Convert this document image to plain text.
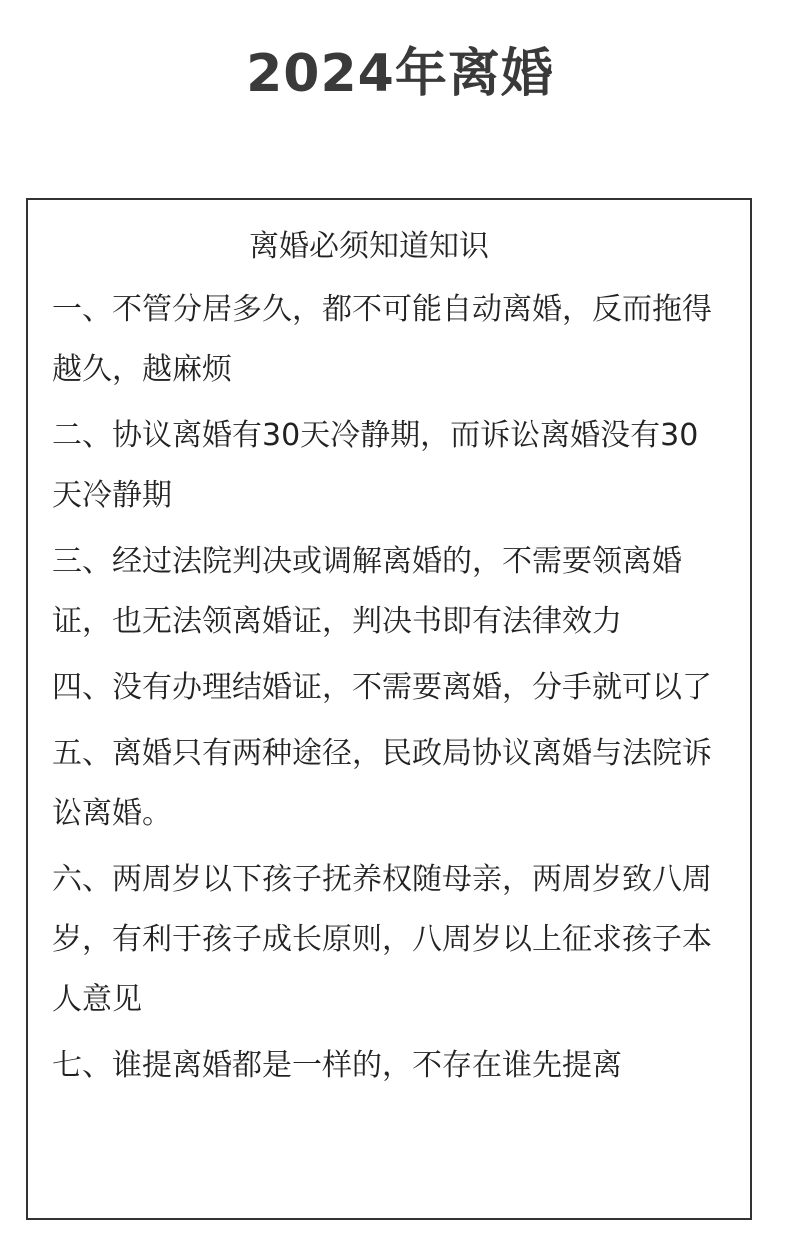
2024年离婚
离婚必须知道知识

一、不管分居多久，都不可能自动离婚，反而拖得越久，越麻烦

二、协议离婚有30天冷静期，而诉讼离婚没有30天冷静期

三、经过法院判决或调解离婚的，不需要领离婚证，也无法领离婚证，判决书即有法律效力

四、没有办理结婚证，不需要离婚，分手就可以了

五、离婚只有两种途径，民政局协议离婚与法院诉讼离婚。

六、两周岁以下孩子抚养权随母亲，两周岁致八周岁，有利于孩子成长原则，八周岁以上征求孩子本人意见

七、谁提离婚都是一样的，不存在谁先提离
